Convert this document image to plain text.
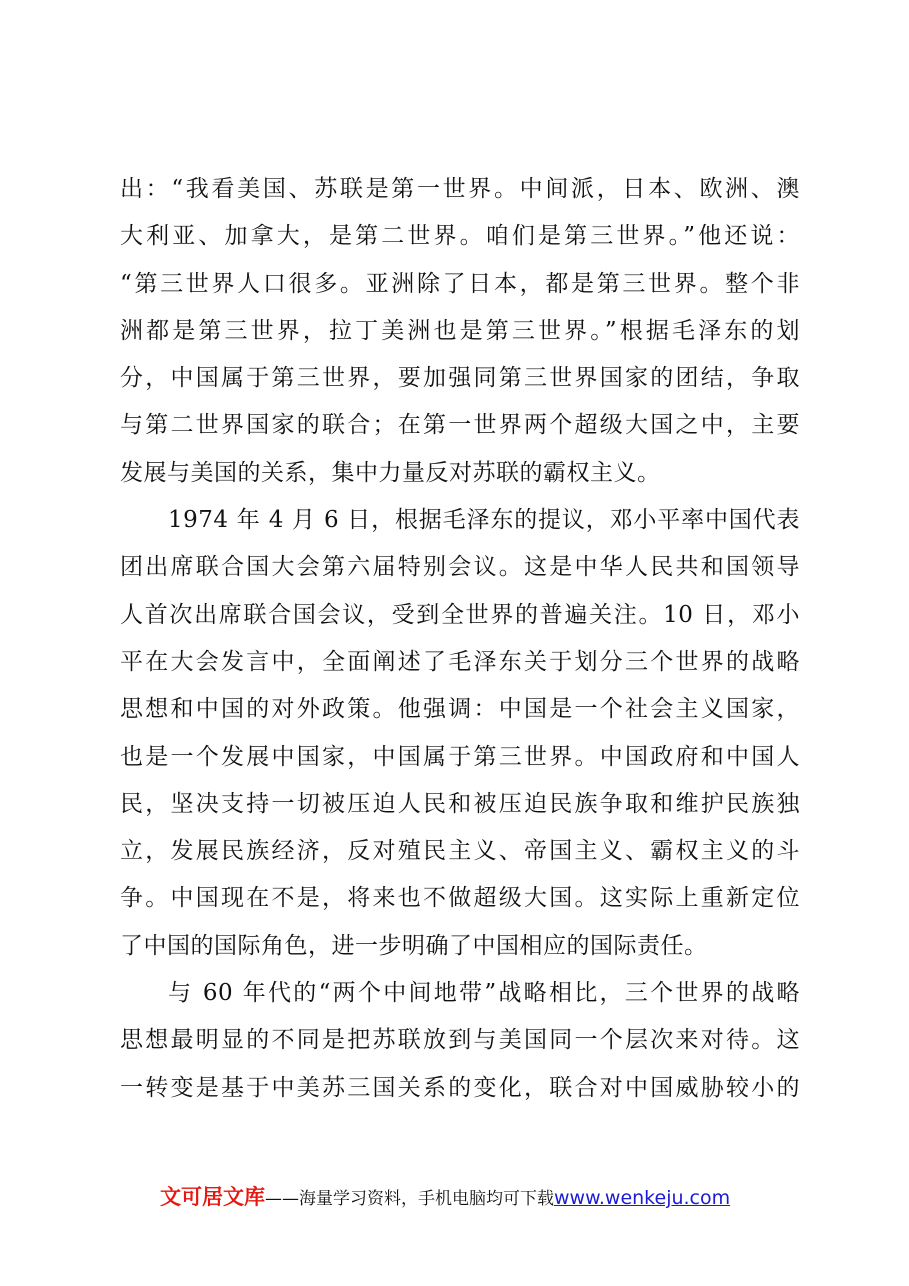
出：“我看美国、苏联是第一世界。中间派，日本、欧洲、澳
大利亚、加拿大，是第二世界。咱们是第三世界。”他还说：
“第三世界人口很多。亚洲除了日本，都是第三世界。整个非
洲都是第三世界，拉丁美洲也是第三世界。”根据毛泽东的划
分，中国属于第三世界，要加强同第三世界国家的团结，争取
与第二世界国家的联合；在第一世界两个超级大国之中，主要
发展与美国的关系，集中力量反对苏联的霸权主义。
1974 年 4 月 6 日，根据毛泽东的提议，邓小平率中国代表
团出席联合国大会第六届特别会议。这是中华人民共和国领导
人首次出席联合国会议，受到全世界的普遍关注。10 日，邓小
平在大会发言中，全面阐述了毛泽东关于划分三个世界的战略
思想和中国的对外政策。他强调：中国是一个社会主义国家，
也是一个发展中国家，中国属于第三世界。中国政府和中国人
民，坚决支持一切被压迫人民和被压迫民族争取和维护民族独
立，发展民族经济，反对殖民主义、帝国主义、霸权主义的斗
争。中国现在不是，将来也不做超级大国。这实际上重新定位
了中国的国际角色，进一步明确了中国相应的国际责任。
与 60 年代的“两个中间地带”战略相比，三个世界的战略
思想最明显的不同是把苏联放到与美国同一个层次来对待。这
一转变是基于中美苏三国关系的变化，联合对中国威胁较小的
文可居文库——海量学习资料，手机电脑均可下载www.wenkeju.com
